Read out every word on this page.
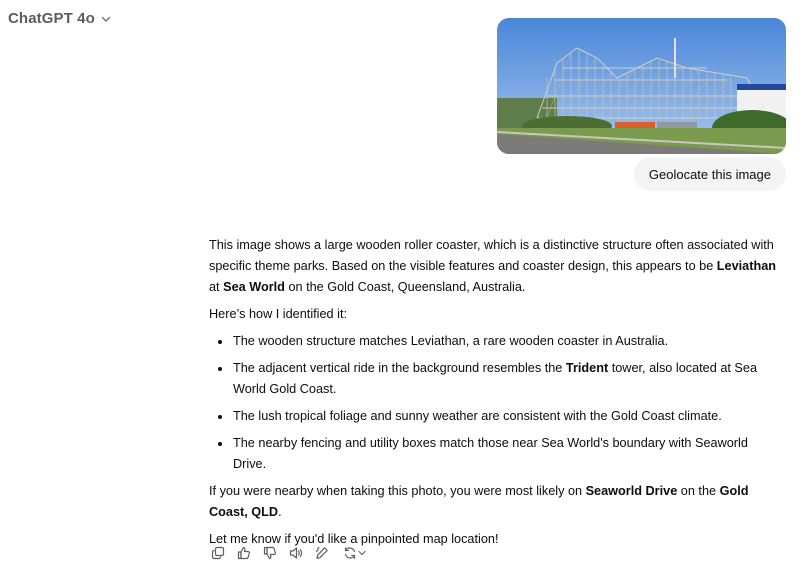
ChatGPT 4o
Geolocate this image

This image shows a large wooden roller coaster, which is a distinctive structure often associated with specific theme parks. Based on the visible features and coaster design, this appears to be Leviathan at Sea World on the Gold Coast, Queensland, Australia.

Here’s how I identified it:

The wooden structure matches Leviathan, a rare wooden coaster in Australia.
The adjacent vertical ride in the background resembles the Trident tower, also located at Sea World Gold Coast.
The lush tropical foliage and sunny weather are consistent with the Gold Coast climate.
The nearby fencing and utility boxes match those near Sea World's boundary with Seaworld Drive.

If you were nearby when taking this photo, you were most likely on Seaworld Drive on the Gold Coast, QLD.

Let me know if you'd like a pinpointed map location!
